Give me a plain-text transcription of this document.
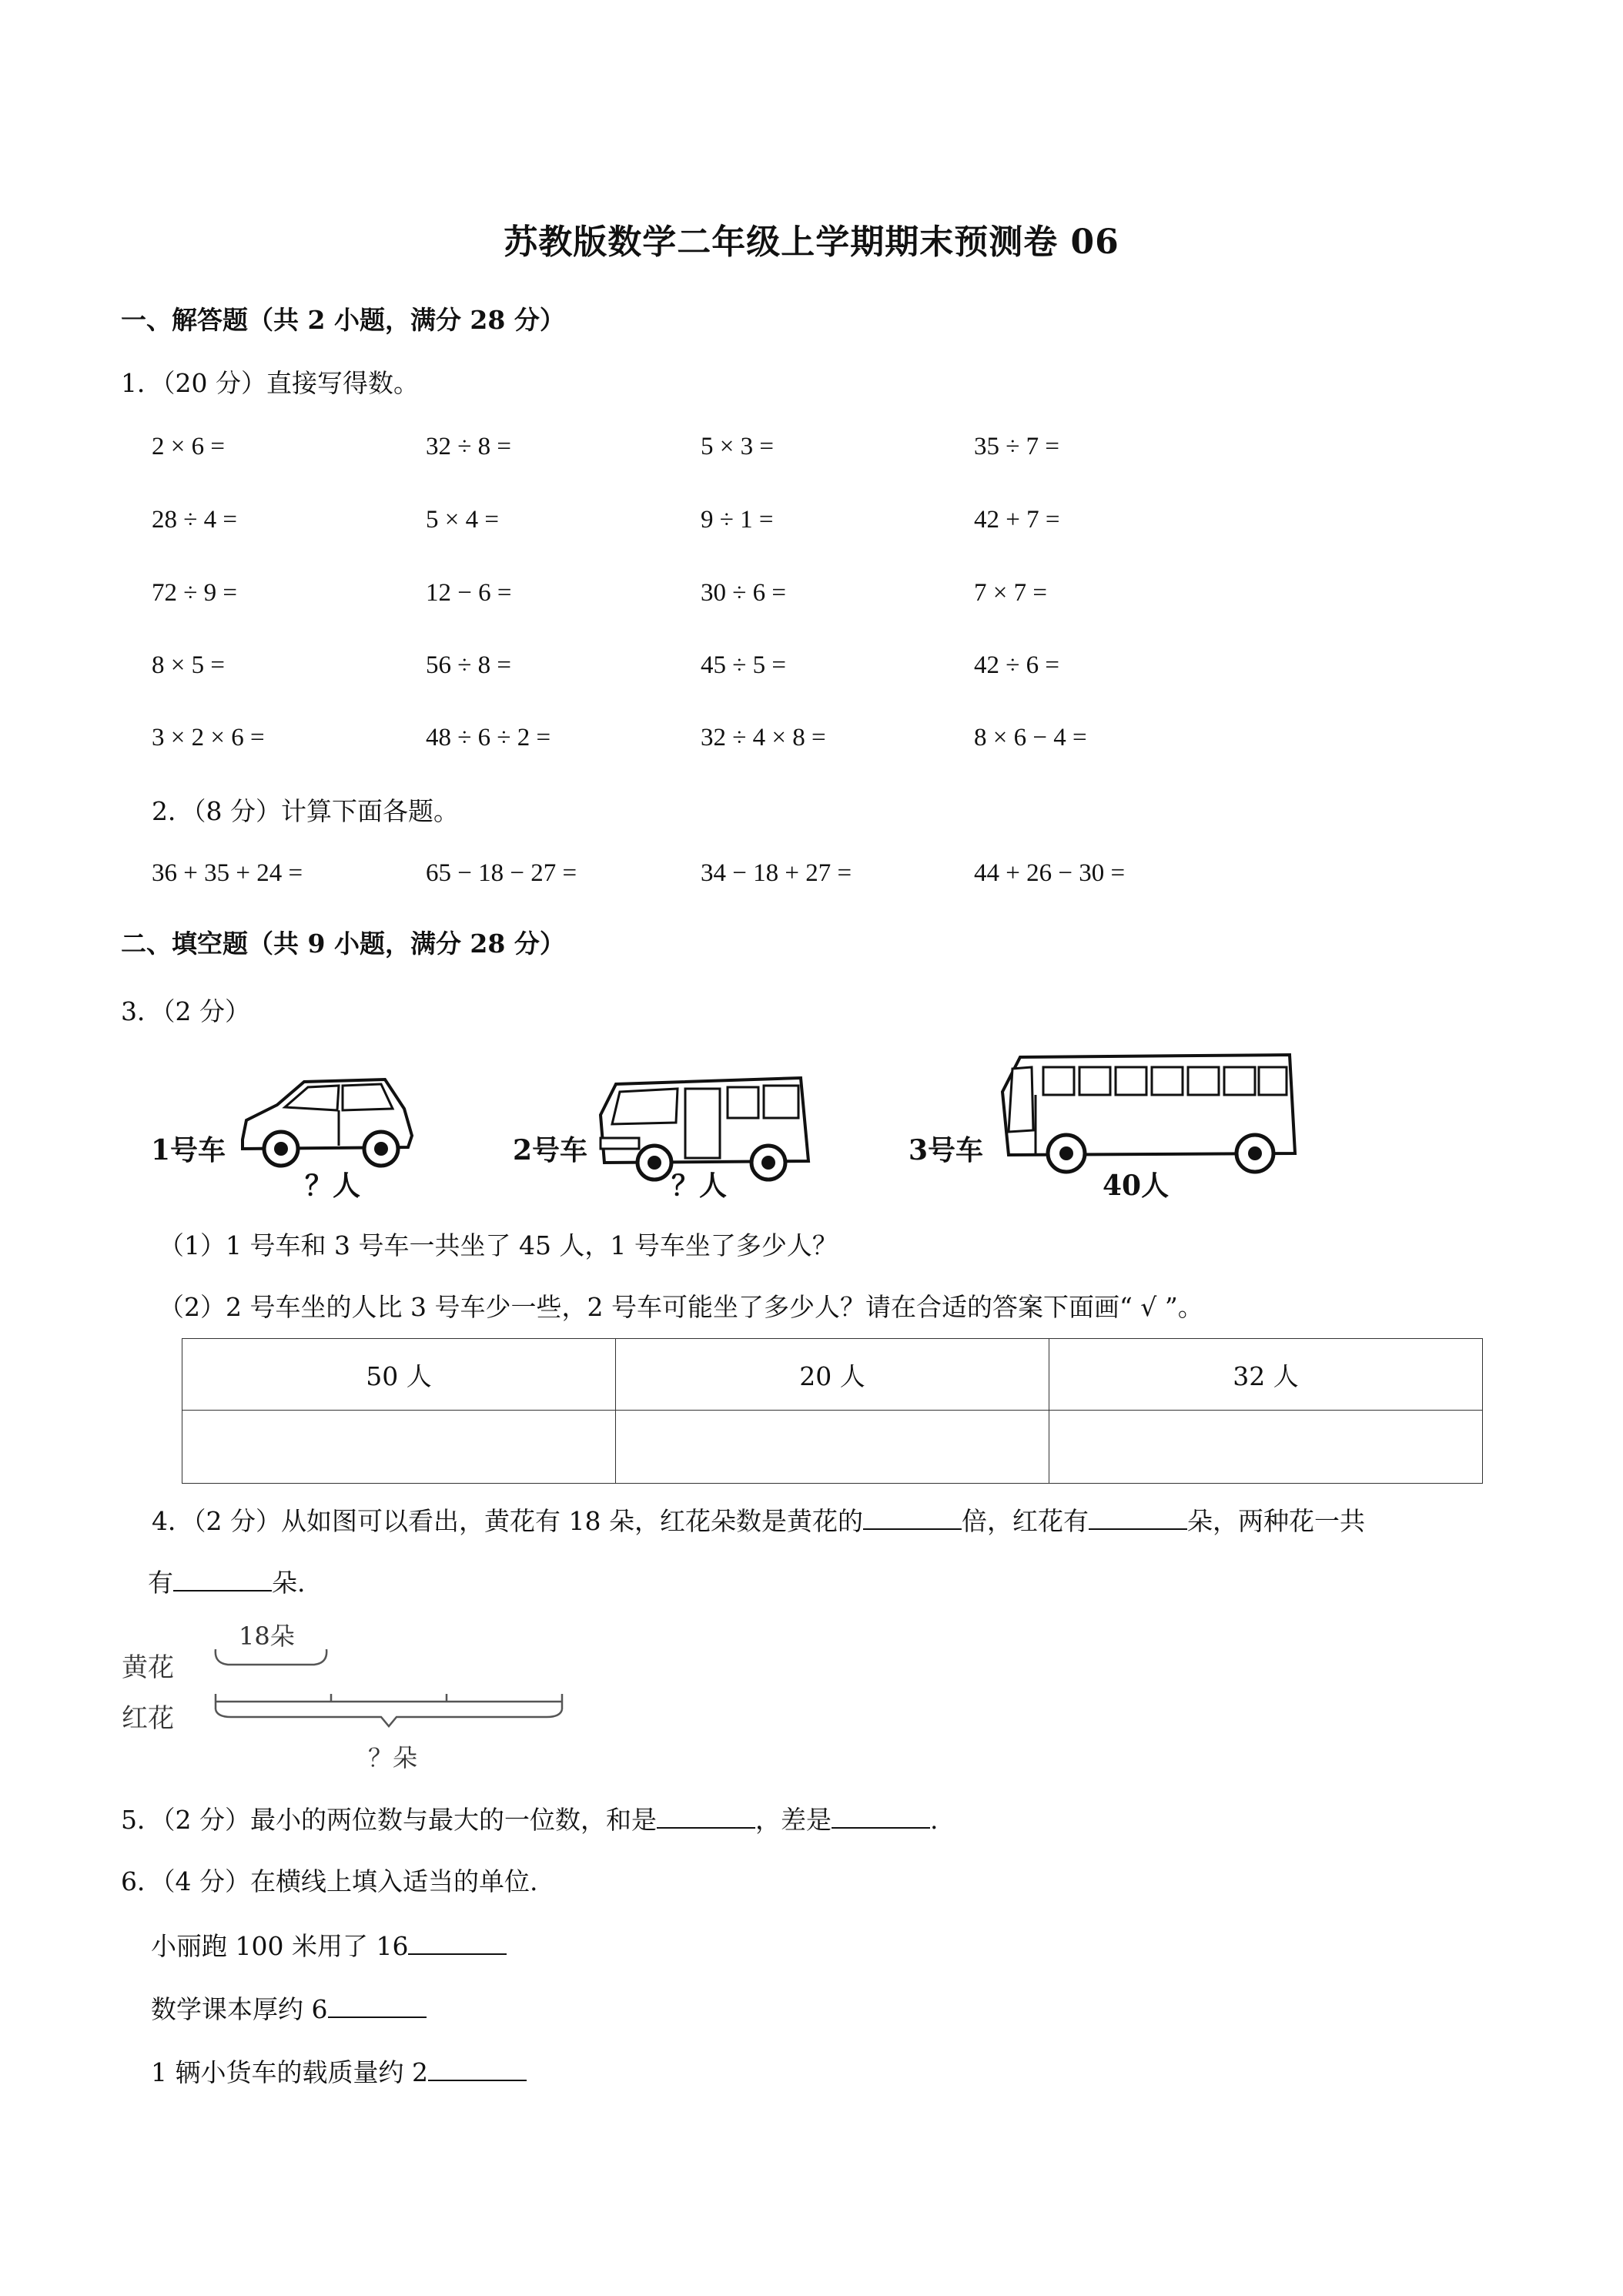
苏教版数学二年级上学期期末预测卷 06
一、解答题（共 2 小题，满分 28 分）
1．（20 分）直接写得数。
2 × 6 =	32 ÷ 8 =	5 × 3 =	35 ÷ 7 =
28 ÷ 4 =	5 × 4 =	9 ÷ 1 =	42 + 7 =
72 ÷ 9 =	12 − 6 =	30 ÷ 6 =	7 × 7 =
8 × 5 =	56 ÷ 8 =	45 ÷ 5 =	42 ÷ 6 =
3 × 2 × 6 =	48 ÷ 6 ÷ 2 =	32 ÷ 4 × 8 =	8 × 6 − 4 =
2．（8 分）计算下面各题。
36 + 35 + 24 =	65 − 18 − 27 =	34 − 18 + 27 =	44 + 26 − 30 =
二、填空题（共 9 小题，满分 28 分）
3．（2 分）
1号车
？人
2号车
？人
3号车
40人
（1）1 号车和 3 号车一共坐了 45 人，1 号车坐了多少人？
（2）2 号车坐的人比 3 号车少一些，2 号车可能坐了多少人？请在合适的答案下面画“ √ ”。
50 人	20 人	32 人

4．（2 分）从如图可以看出，黄花有 18 朵，红花朵数是黄花的	倍，红花有	朵，两种花一共
有	朵.
黄花
红花
18朵
？朵
5．（2 分）最小的两位数与最大的一位数，和是	，差是	.
6．（4 分）在横线上填入适当的单位.
小丽跑 100 米用了 16
数学课本厚约 6
1 辆小货车的载质量约 2
